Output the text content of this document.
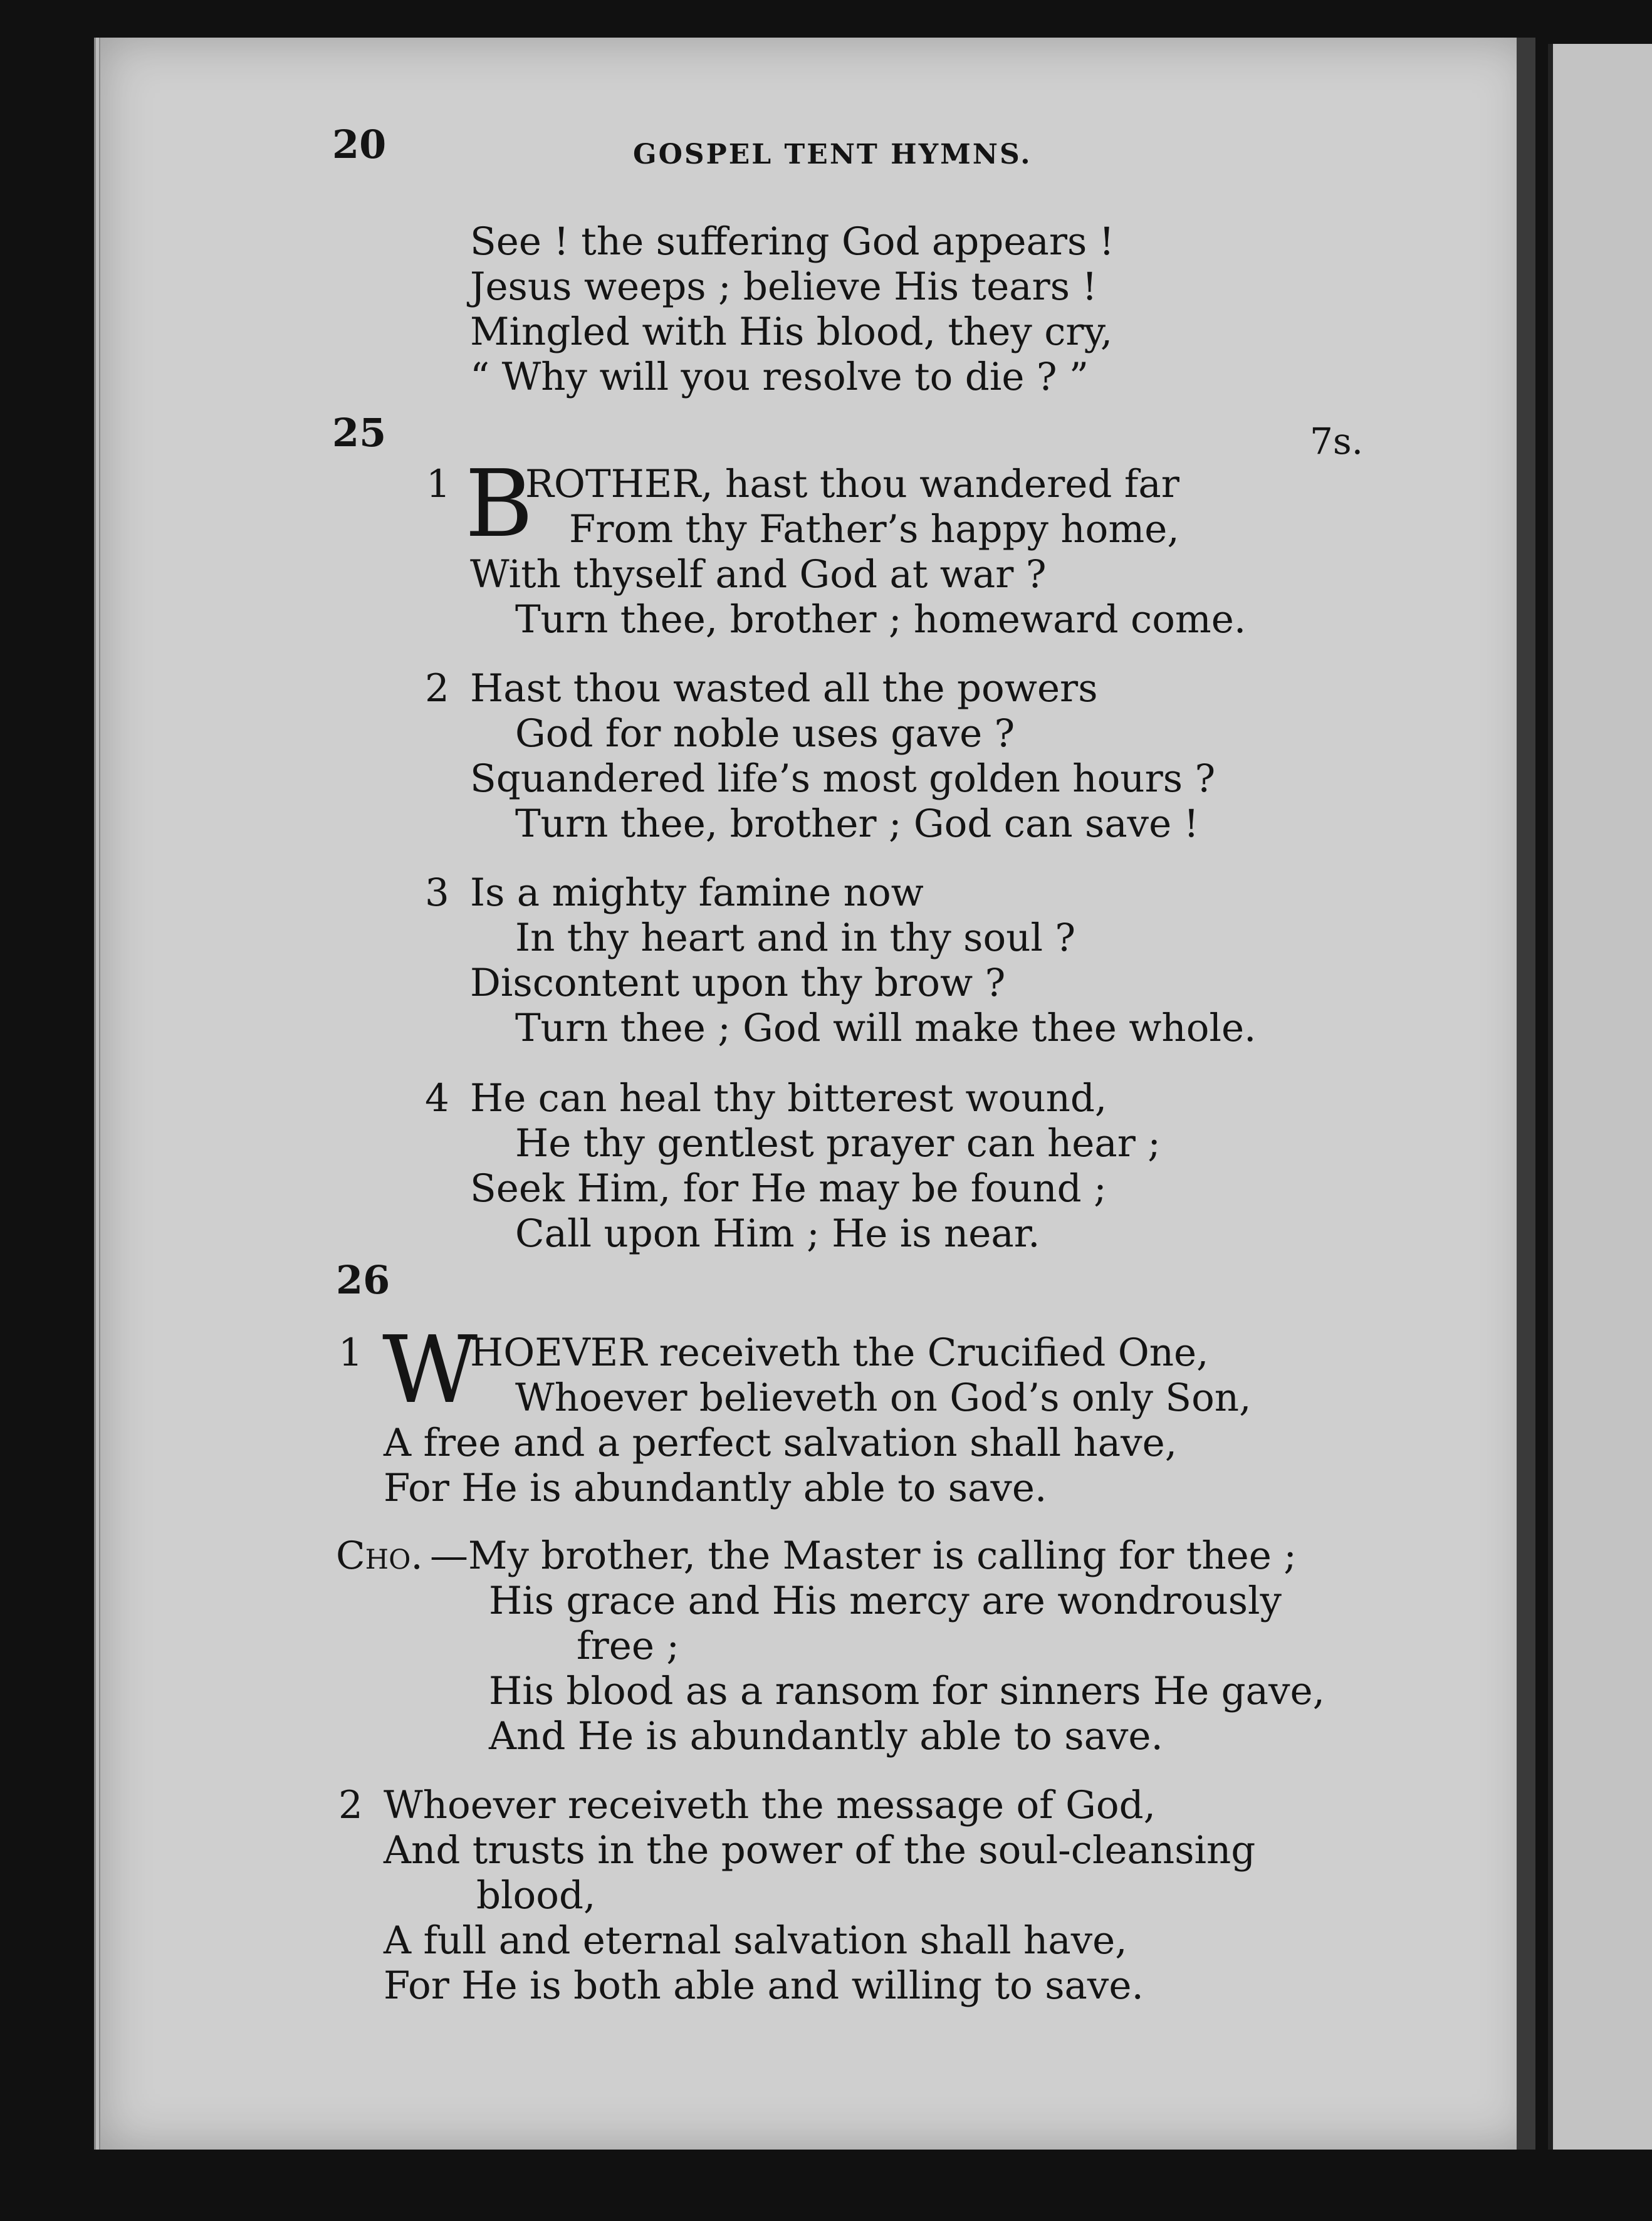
20	GOSPEL TENT HYMNS.
See ! the suffering God appears !
Jesus weeps ; believe His tears !
Mingled with His blood, they cry,
“ Why will you resolve to die ? ”
25	7s.
1 B
ROTHER, hast thou wandered far
From thy Father’s happy home,
With thyself and God at war ?
Turn thee, brother ; homeward come.
2 Hast thou wasted all the powers
God for noble uses gave ?
Squandered life’s most golden hours ?
Turn thee, brother ; God can save !
3 Is a mighty famine now
In thy heart and in thy soul ?
Discontent upon thy brow ?
Turn thee ; God will make thee whole.
4 He can heal thy bitterest wound,
He thy gentlest prayer can hear ;
Seek Him, for He may be found ;
Call upon Him ; He is near.
26
1 W
HOEVER receiveth the Crucified One,
Whoever believeth on God’s only Son,
A free and a perfect salvation shall have,
For He is abundantly able to save.
Cho. —My brother, the Master is calling for thee ;
His grace and His mercy are wondrously
free ;
His blood as a ransom for sinners He gave,
And He is abundantly able to save.
2 Whoever receiveth the message of God,
And trusts in the power of the soul-cleansing
blood,
A full and eternal salvation shall have,
For He is both able and willing to save.
